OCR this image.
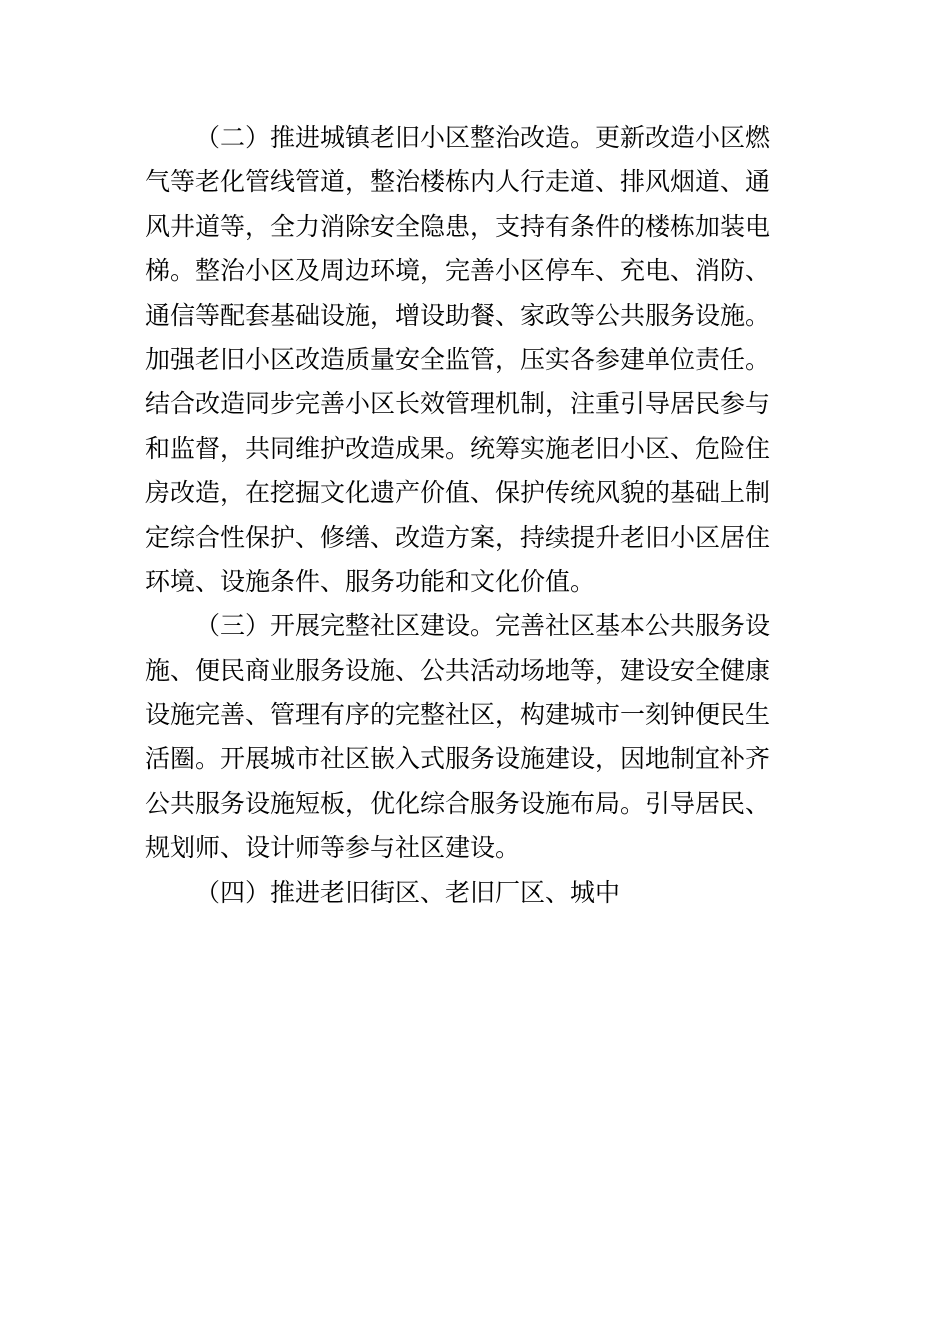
（二）推进城镇老旧小区整治改造。更新改造小区燃
气等老化管线管道，整治楼栋内人行走道、排风烟道、通
风井道等，全力消除安全隐患，支持有条件的楼栋加装电
梯。整治小区及周边环境，完善小区停车、充电、消防、
通信等配套基础设施，增设助餐、家政等公共服务设施。
加强老旧小区改造质量安全监管，压实各参建单位责任。
结合改造同步完善小区长效管理机制，注重引导居民参与
和监督，共同维护改造成果。统筹实施老旧小区、危险住
房改造，在挖掘文化遗产价值、保护传统风貌的基础上制
定综合性保护、修缮、改造方案，持续提升老旧小区居住
环境、设施条件、服务功能和文化价值。
（三）开展完整社区建设。完善社区基本公共服务设
施、便民商业服务设施、公共活动场地等，建设安全健康
设施完善、管理有序的完整社区，构建城市一刻钟便民生
活圈。开展城市社区嵌入式服务设施建设，因地制宜补齐
公共服务设施短板，优化综合服务设施布局。引导居民、
规划师、设计师等参与社区建设。
（四）推进老旧街区、老旧厂区、城中
